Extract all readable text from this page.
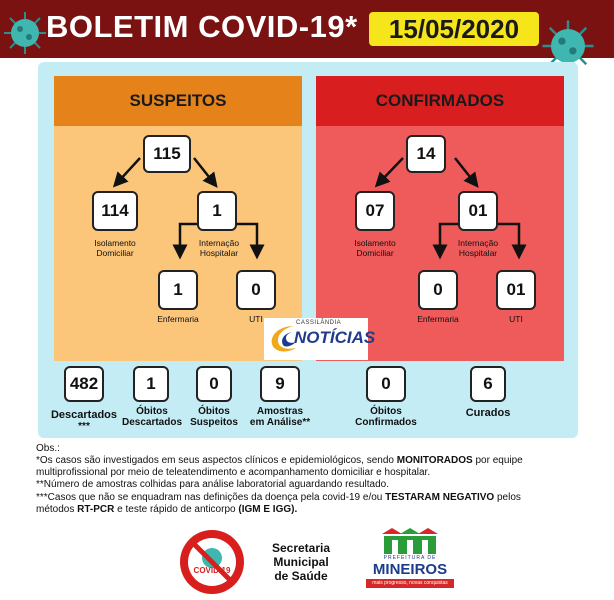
BOLETIM COVID-19*	15/05/2020
SUSPEITOS	CONFIRMADOS
115
114
Isolamento Domiciliar
1
Internação Hospitalar
1
Enfermaria
0
UTI
14
07
Isolamento Domiciliar
01
Internação Hospitalar
0
Enfermaria
01
UTI
CASSILÂNDIA
NOTÍCIAS
482
Descartados
***
1
Óbitos
Descartados
0
Óbitos
Suspeitos
9
Amostras
em Análise**
0
Óbitos
Confirmados
6
Curados
Obs.:
*Os casos são investigados em seus aspectos clínicos e epidemiológicos, sendo MONITORADOS por equipe
multiprofissional por meio de teleatendimento e acompanhamento domiciliar e hospitalar.
**Número de amostras colhidas para análise laboratorial aguardando resultado.
***Casos que não se enquadram nas definições da doença pela covid-19 e/ou TESTARAM NEGATIVO pelos
métodos RT-PCR e teste rápido de anticorpo (IGM E IGG).
COVID-19
Secretaria
Municipal
de Saúde
PREFEITURA DE
MINEIROS
mais progresso, novas conquistas
